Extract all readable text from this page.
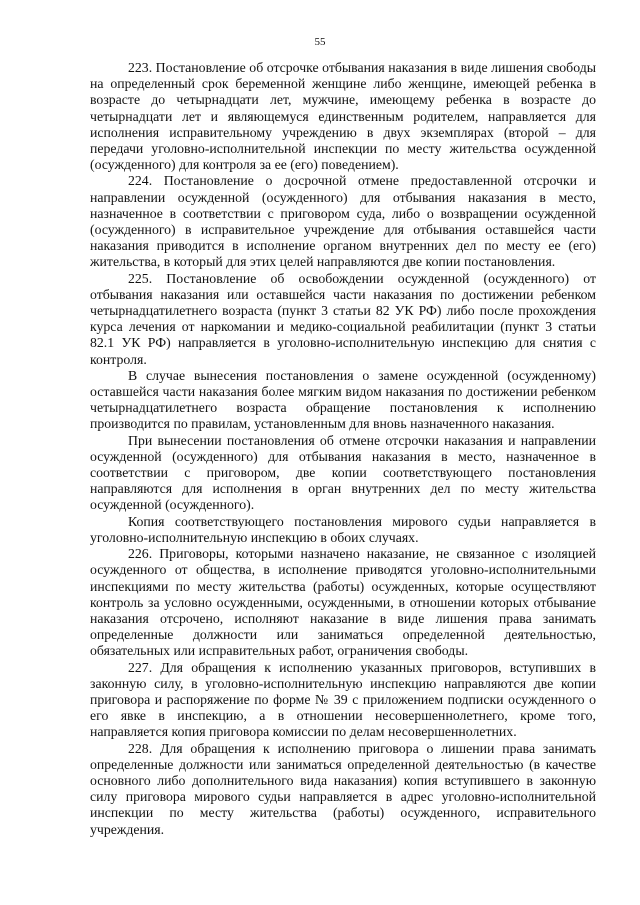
55

223. Постановление об отсрочке отбывания наказания в виде лишения свободы на определенный срок беременной женщине либо женщине, имеющей ребенка в возрасте до четырнадцати лет, мужчине, имеющему ребенка в возрасте до четырнадцати лет и являющемуся единственным родителем, направляется для исполнения исправительному учреждению в двух экземплярах (второй – для передачи уголовно-исполнительной инспекции по месту жительства осужденной (осужденного) для контроля за ее (его) поведением).

224. Постановление о досрочной отмене предоставленной отсрочки и направлении осужденной (осужденного) для отбывания наказания в место, назначенное в соответствии с приговором суда, либо о возвращении осужденной (осужденного) в исправительное учреждение для отбывания оставшейся части наказания приводится в исполнение органом внутренних дел по месту ее (его) жительства, в который для этих целей направляются две копии постановления.

225. Постановление об освобождении осужденной (осужденного) от отбывания наказания или оставшейся части наказания по достижении ребенком четырнадцатилетнего возраста (пункт 3 статьи 82 УК РФ) либо после прохождения курса лечения от наркомании и медико-социальной реабилитации (пункт 3 статьи 82.1 УК РФ) направляется в уголовно-исполнительную инспекцию для снятия с контроля.

В случае вынесения постановления о замене осужденной (осужденному) оставшейся части наказания более мягким видом наказания по достижении ребенком четырнадцатилетнего возраста обращение постановления к исполнению производится по правилам, установленным для вновь назначенного наказания.

При вынесении постановления об отмене отсрочки наказания и направлении осужденной (осужденного) для отбывания наказания в место, назначенное в соответствии с приговором, две копии соответствующего постановления направляются для исполнения в орган внутренних дел по месту жительства осужденной (осужденного).

Копия соответствующего постановления мирового судьи направляется в уголовно-исполнительную инспекцию в обоих случаях.

226. Приговоры, которыми назначено наказание, не связанное с изоляцией осужденного от общества, в исполнение приводятся уголовно-исполнительными инспекциями по месту жительства (работы) осужденных, которые осуществляют контроль за условно осужденными, осужденными, в отношении которых отбывание наказания отсрочено, исполняют наказание в виде лишения права занимать определенные должности или заниматься определенной деятельностью, обязательных или исправительных работ, ограничения свободы.

227. Для обращения к исполнению указанных приговоров, вступивших в законную силу, в уголовно-исполнительную инспекцию направляются две копии приговора и распоряжение по форме № 39 с приложением подписки осужденного о его явке в инспекцию, а в отношении несовершеннолетнего, кроме того, направляется копия приговора комиссии по делам несовершеннолетних.

228. Для обращения к исполнению приговора о лишении права занимать определенные должности или заниматься определенной деятельностью (в качестве основного либо дополнительного вида наказания) копия вступившего в законную силу приговора мирового судьи направляется в адрес уголовно-исполнительной инспекции по месту жительства (работы) осужденного, исправительного учреждения.
